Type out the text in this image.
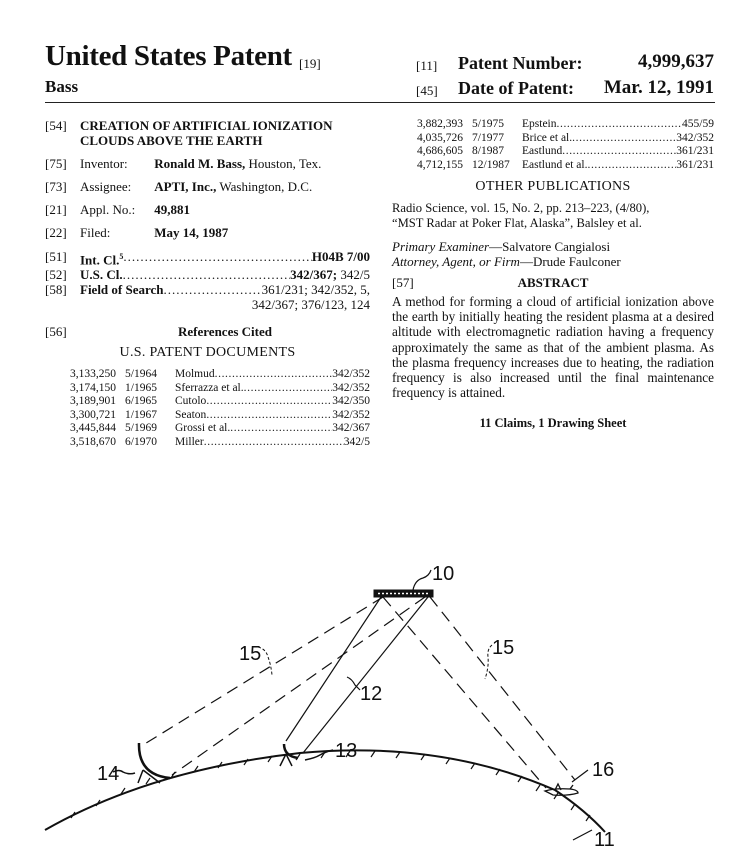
United States Patent [19]
Bass
[11] Patent Number:	4,999,637
[45] Date of Patent: Mar. 12, 1991
[54] CREATION OF ARTIFICIAL IONIZATION
CLOUDS ABOVE THE EARTH
[75] Inventor: Ronald M. Bass, Houston, Tex.
[73] Assignee: APTI, Inc., Washington, D.C.
[21] Appl. No.: 49,881
[22] Filed:	May 14, 1987
[51] Int. Cl.$^5$ .....	H04B 7/00
[52] U.S. Cl. .....	342/367; 342/5
[58] Field of Search .....	361/231; 342/352, 5,
342/367; 376/123, 124
[56]	References Cited
U.S. PATENT DOCUMENTS
3,133,250 5/1964	Molmud .....	342/352
3,174,150 1/1965	Sferrazza et al. .....	342/352
3,189,901 6/1965	Cutolo .....	342/350
3,300,721 1/1967	Seaton .....	342/352
3,445,844 5/1969	Grossi et al. .....	342/367
3,518,670 6/1970	Miller .....	342/5
3,882,393 5/1975	Epstein .....	455/59
4,035,726 7/1977	Brice et al. .....	342/352
4,686,605 8/1987	Eastlund .....	361/231
4,712,155 12/1987	Eastlund et al. .....	361/231
OTHER PUBLICATIONS
Radio Science, vol. 15, No. 2, pp. 213–223, (4/80),
“MST Radar at Poker Flat, Alaska”, Balsley et al.
Primary Examiner—Salvatore Cangialosi
Attorney, Agent, or Firm—Drude Faulconer
[57]	ABSTRACT
A method for forming a cloud of artificial ionization above the earth by initially heating the resident plasma at a desired altitude with electromagnetic radiation having a frequency approximately the same as that of the ambient plasma. As the plasma frequency increases due to heating, the radiation frequency is also increased until the final maintenance frequency is attained.
11 Claims, 1 Drawing Sheet
10
12
15	15
14
13
16
11
